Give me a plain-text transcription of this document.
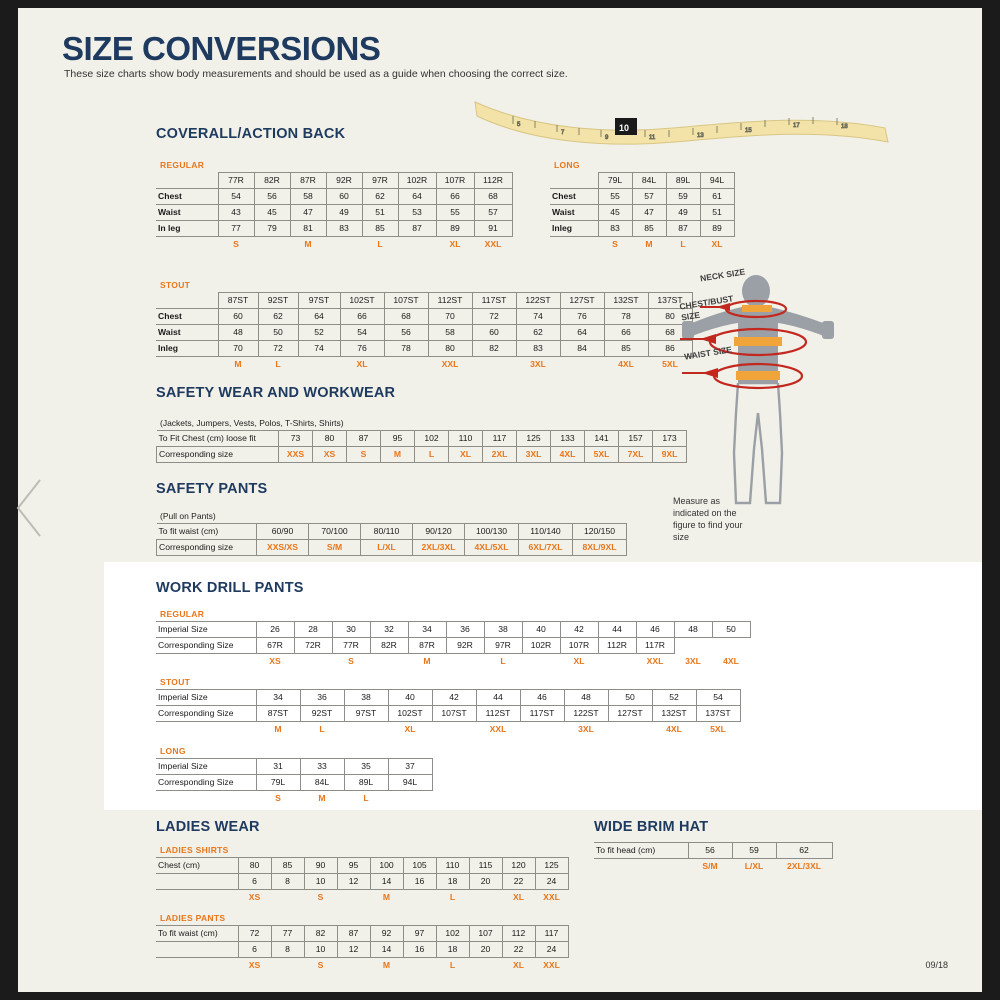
SIZE CONVERSIONS
These size charts show body measurements and should be used as a guide when choosing the correct size.
5
7
9	11	13
15
17	18
10
COVERALL/ACTION BACK
REGULAR
	77R	82R	87R	92R	97R	102R	107R	112R
Chest	54	56	58	60	62	64	66	68
Waist	43	45	47	49	51	53	55	57
In leg	77	79	81	83	85	87	89	91
	S		M		L		XL	XXL
LONG
	79L	84L	89L	94L
Chest	55	57	59	61
Waist	45	47	49	51
Inleg	83	85	87	89
	S	M	L	XL
STOUT
	87ST	92ST	97ST	102ST	107ST	112ST	117ST	122ST	127ST	132ST	137ST
Chest	60	62	64	66	68	70	72	74	76	78	80
Waist	48	50	52	54	56	58	60	62	64	66	68
Inleg	70	72	74	76	78	80	82	83	84	85	86
	M	L		XL		XXL		3XL		4XL	5XL
SAFETY WEAR AND WORKWEAR
(Jackets, Jumpers, Vests, Polos, T-Shirts, Shirts)
To Fit Chest (cm) loose fit	73	80	87	95	102	110	117	125	133	141	157	173
Corresponding size	XXS	XS	S	M	L	XL	2XL	3XL	4XL	5XL	7XL	9XL
SAFETY PANTS
(Pull on Pants)
To fit waist (cm)	60/90	70/100	80/110	90/120	100/130	110/140	120/150
Corresponding size	XXS/XS	S/M	L/XL	2XL/3XL	4XL/5XL	6XL/7XL	8XL/9XL
NECK SIZE
CHEST/BUST SIZE
WAIST SIZE
Measure as indicated on the figure to find your size
WORK DRILL PANTS
REGULAR
Imperial Size	26	28	30	32	34	36	38	40	42	44	46	48	50
Corresponding Size	67R	72R	77R	82R	87R	92R	97R	102R	107R	112R	117R		
	XS		S		M		L		XL		XXL	3XL	4XL
STOUT
Imperial Size	34	36	38	40	42	44	46	48	50	52	54
Corresponding Size	87ST	92ST	97ST	102ST	107ST	112ST	117ST	122ST	127ST	132ST	137ST
	M	L		XL		XXL		3XL		4XL	5XL
LONG
Imperial Size	31	33	35	37
Corresponding Size	79L	84L	89L	94L
	S	M	L	
LADIES WEAR
LADIES SHIRTS
Chest (cm)	80	85	90	95	100	105	110	115	120	125
	6	8	10	12	14	16	18	20	22	24
	XS		S		M		L		XL	XXL
LADIES PANTS
To fit waist (cm)	72	77	82	87	92	97	102	107	112	117
	6	8	10	12	14	16	18	20	22	24
	XS		S		M		L		XL	XXL
WIDE BRIM HAT
To fit head (cm)	56	59	62
	S/M	L/XL	2XL/3XL
09/18
